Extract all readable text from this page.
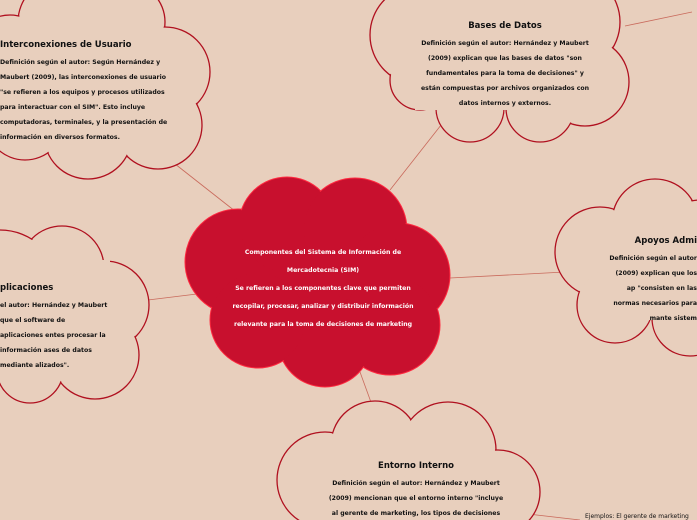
Componentes del Sistema de Información de Mercadotecnia (SIM)
Se refieren a los componentes clave que permiten recopilar, procesar, analizar y distribuir información relevante para la toma de decisiones de marketing
Interconexiones de Usuario
Definición según el autor: Según Hernández y Maubert (2009), las interconexiones de usuario "se refieren a los equipos y procesos utilizados para interactuar con el SIM". Esto incluye computadoras, terminales, y la presentación de información en diversos formatos.
Bases de Datos
Definición según el autor: Hernández y Maubert (2009) explican que las bases de datos "son fundamentales para la toma de decisiones" y están compuestas por archivos organizados con datos internos y externos.
plicaciones
el autor: Hernández y Maubert que el software de aplicaciones entes procesar la información ases de datos mediante alizados".
Apoyos Admi
Definición según el autor (2009) explican que los ap "consisten en las normas necesarios para mante sistem
Entorno Interno
Definición según el autor: Hernández y Maubert (2009) mencionan que el entorno interno "incluye al gerente de marketing, los tipos de decisiones	Ejemplos: El gerente de marketing
